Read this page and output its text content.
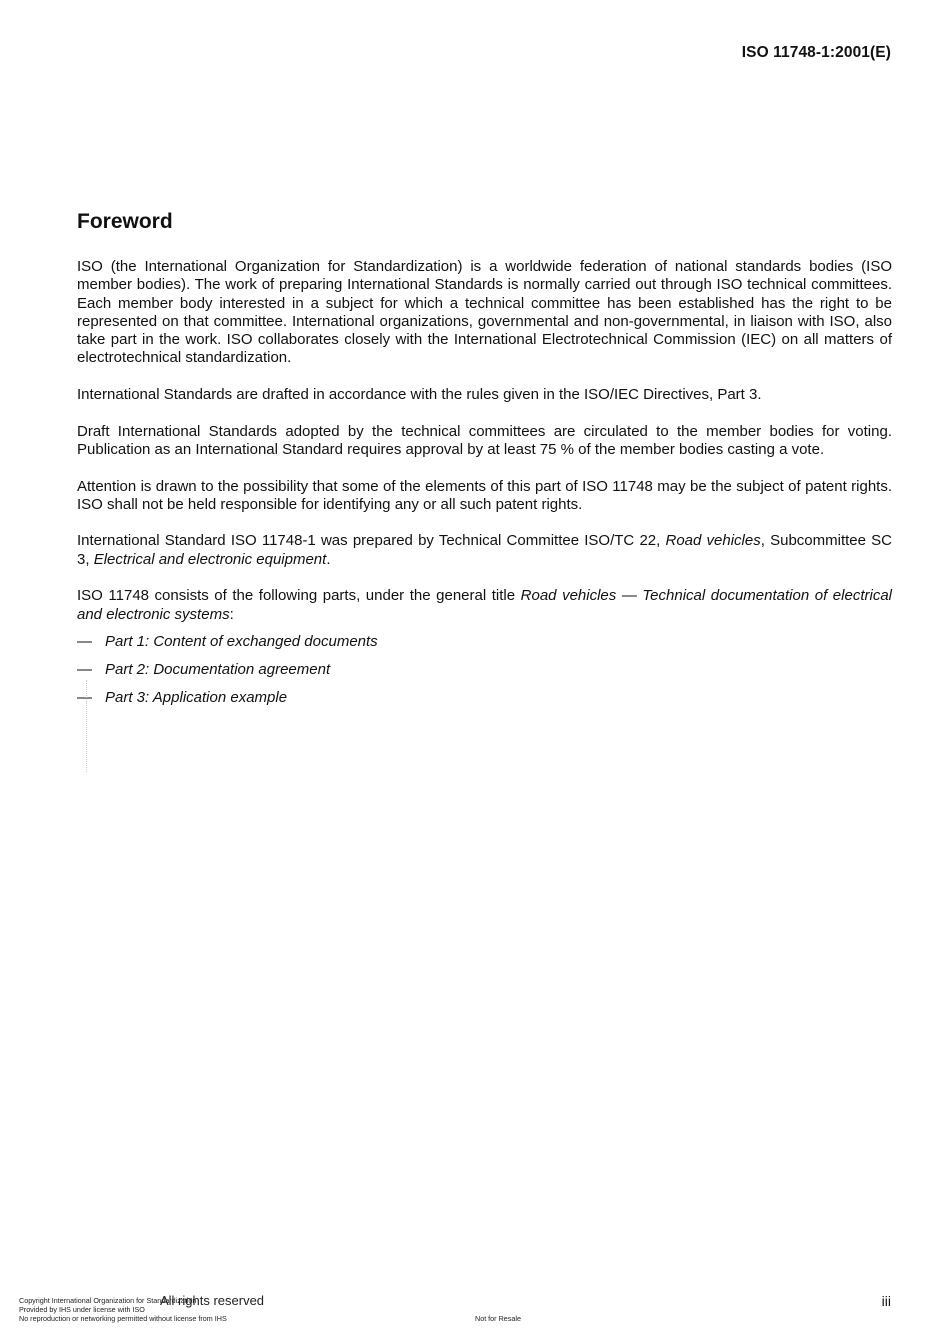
ISO 11748-1:2001(E)
Foreword

ISO (the International Organization for Standardization) is a worldwide federation of national standards bodies (ISO member bodies). The work of preparing International Standards is normally carried out through ISO technical committees. Each member body interested in a subject for which a technical committee has been established has the right to be represented on that committee. International organizations, governmental and non-governmental, in liaison with ISO, also take part in the work. ISO collaborates closely with the International Electrotechnical Commission (IEC) on all matters of electrotechnical standardization.

International Standards are drafted in accordance with the rules given in the ISO/IEC Directives, Part 3.

Draft International Standards adopted by the technical committees are circulated to the member bodies for voting. Publication as an International Standard requires approval by at least 75 % of the member bodies casting a vote.

Attention is drawn to the possibility that some of the elements of this part of ISO 11748 may be the subject of patent rights. ISO shall not be held responsible for identifying any or all such patent rights.

International Standard ISO 11748-1 was prepared by Technical Committee ISO/TC 22, Road vehicles, Subcommittee SC 3, Electrical and electronic equipment.

ISO 11748 consists of the following parts, under the general title Road vehicles — Technical documentation of electrical and electronic systems:

— Part 1: Content of exchanged documents
— Part 2: Documentation agreement
— Part 3: Application example
Copyright International Organization for Standardization
Provided by IHS under license with ISO
No reproduction or networking permitted without license from IHS
All rights reserved
Not for Resale
iii
